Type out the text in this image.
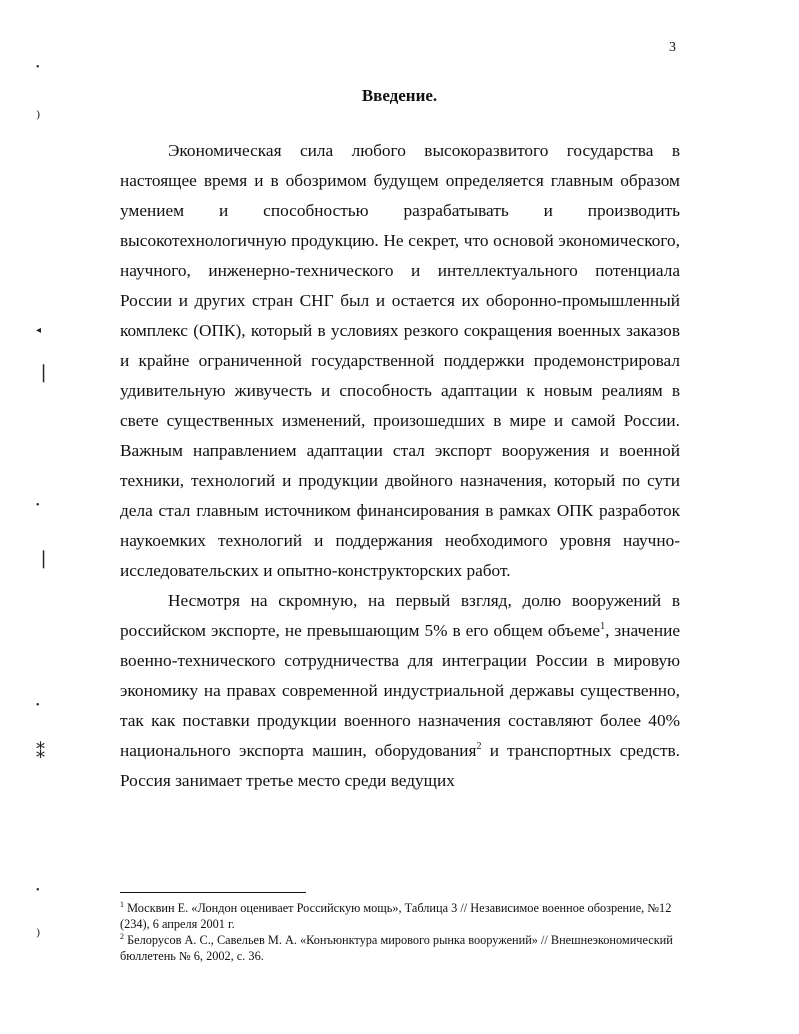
3
Введение.

Экономическая сила любого высокоразвитого государства в настоящее время и в обозримом будущем определяется главным образом умением и способностью разрабатывать и производить высокотехнологичную продукцию. Не секрет, что основой экономического, научного, инженерно-технического и интеллектуального потенциала России и других стран СНГ был и остается их оборонно-промышленный комплекс (ОПК), который в условиях резкого сокращения военных заказов и крайне ограниченной государственной поддержки продемонстрировал удивительную живучесть и способность адаптации к новым реалиям в свете существенных изменений, произошедших в мире и самой России. Важным направлением адаптации стал экспорт вооружения и военной техники, технологий и продукции двойного назначения, который по сути дела стал главным источником финансирования в рамках ОПК разработок наукоемких технологий и поддержания необходимого уровня научно-исследовательских и опытно-конструкторских работ.

Несмотря на скромную, на первый взгляд, долю вооружений в российском экспорте, не превышающим 5% в его общем объеме$^1$, значение военно-технического сотрудничества для интеграции России в мировую экономику на правах современной индустриальной державы существенно, так как поставки продукции военного назначения составляют более 40% национального экспорта машин, оборудования$^2$ и транспортных средств. Россия занимает третье место среди ведущих

$^1$ Москвин Е. «Лондон оценивает Российскую мощь», Таблица 3 // Независимое военное обозрение, №12 (234), 6 апреля 2001 г.
$^2$ Белорусов А. С., Савельев М. А. «Конъюнктура мирового рынка вооружений» // Внешнеэкономический бюллетень № 6, 2002, с. 36.
•
⁾
◂
❘
•
❘
•
⁑
•
⁾
